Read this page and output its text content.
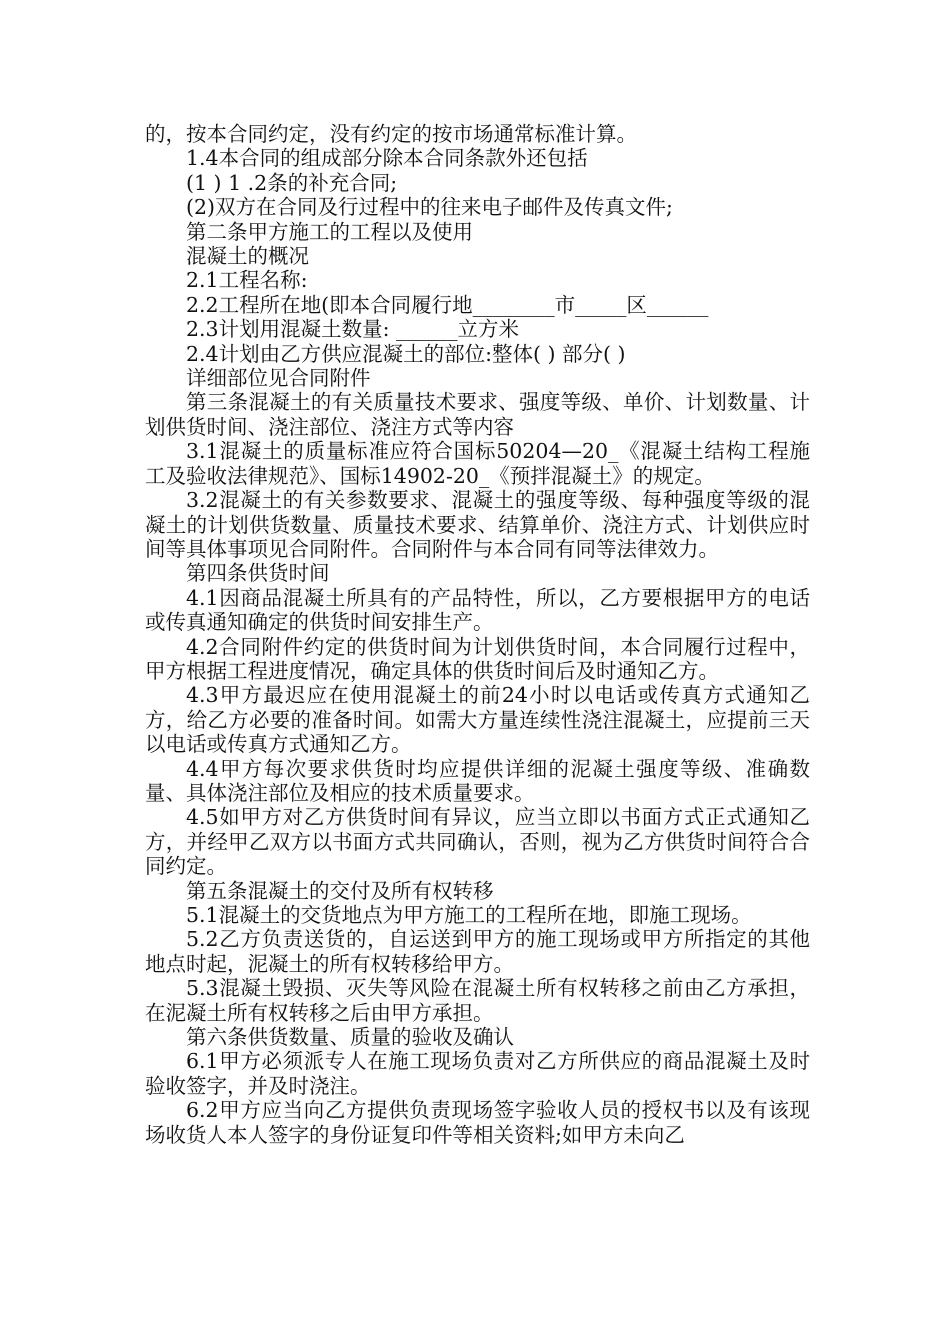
的，按本合同约定，没有约定的按市场通常标准计算。

1.4本合同的组成部分除本合同条款外还包括

(1 ) 1 .2条的补充合同;

(2)双方在合同及行过程中的往来电子邮件及传真文件;

第二条甲方施工的工程以及使用

混凝土的概况

2.1工程名称:

2.2工程所在地(即本合同履行地________市_____区______

2.3计划用混凝土数量: ______立方米

2.4计划由乙方供应混凝土的部位:整体( ) 部分( )

详细部位见合同附件

第三条混凝土的有关质量技术要求、强度等级、单价、计划数量、计划供货时间、浇注部位、浇注方式等内容

3.1混凝土的质量标准应符合国标50204—20_《混凝土结构工程施工及验收法律规范》、国标14902-20_《预拌混凝土》的规定。

3.2混凝土的有关参数要求、混凝土的强度等级、每种强度等级的混凝土的计划供货数量、质量技术要求、结算单价、浇注方式、计划供应时间等具体事项见合同附件。合同附件与本合同有同等法律效力。

第四条供货时间

4.1因商品混凝土所具有的产品特性，所以，乙方要根据甲方的电话或传真通知确定的供货时间安排生产。

4.2合同附件约定的供货时间为计划供货时间，本合同履行过程中，甲方根据工程进度情况，确定具体的供货时间后及时通知乙方。

4.3甲方最迟应在使用混凝土的前24小时以电话或传真方式通知乙方，给乙方必要的准备时间。如需大方量连续性浇注混凝土，应提前三天以电话或传真方式通知乙方。

4.4甲方每次要求供货时均应提供详细的泥凝土强度等级、准确数量、具体浇注部位及相应的技术质量要求。

4.5如甲方对乙方供货时间有异议，应当立即以书面方式正式通知乙方，并经甲乙双方以书面方式共同确认，否则，视为乙方供货时间符合合同约定。

第五条混凝土的交付及所有权转移

5.1混凝土的交货地点为甲方施工的工程所在地，即施工现场。

5.2乙方负责送货的，自运送到甲方的施工现场或甲方所指定的其他地点时起，泥凝土的所有权转移给甲方。

5.3混凝土毁损、灭失等风险在混凝土所有权转移之前由乙方承担，在泥凝土所有权转移之后由甲方承担。

第六条供货数量、质量的验收及确认

6.1甲方必须派专人在施工现场负责对乙方所供应的商品混凝土及时验收签字，并及时浇注。

6.2甲方应当向乙方提供负责现场签字验收人员的授权书以及有该现场收货人本人签字的身份证复印件等相关资料;如甲方未向乙
